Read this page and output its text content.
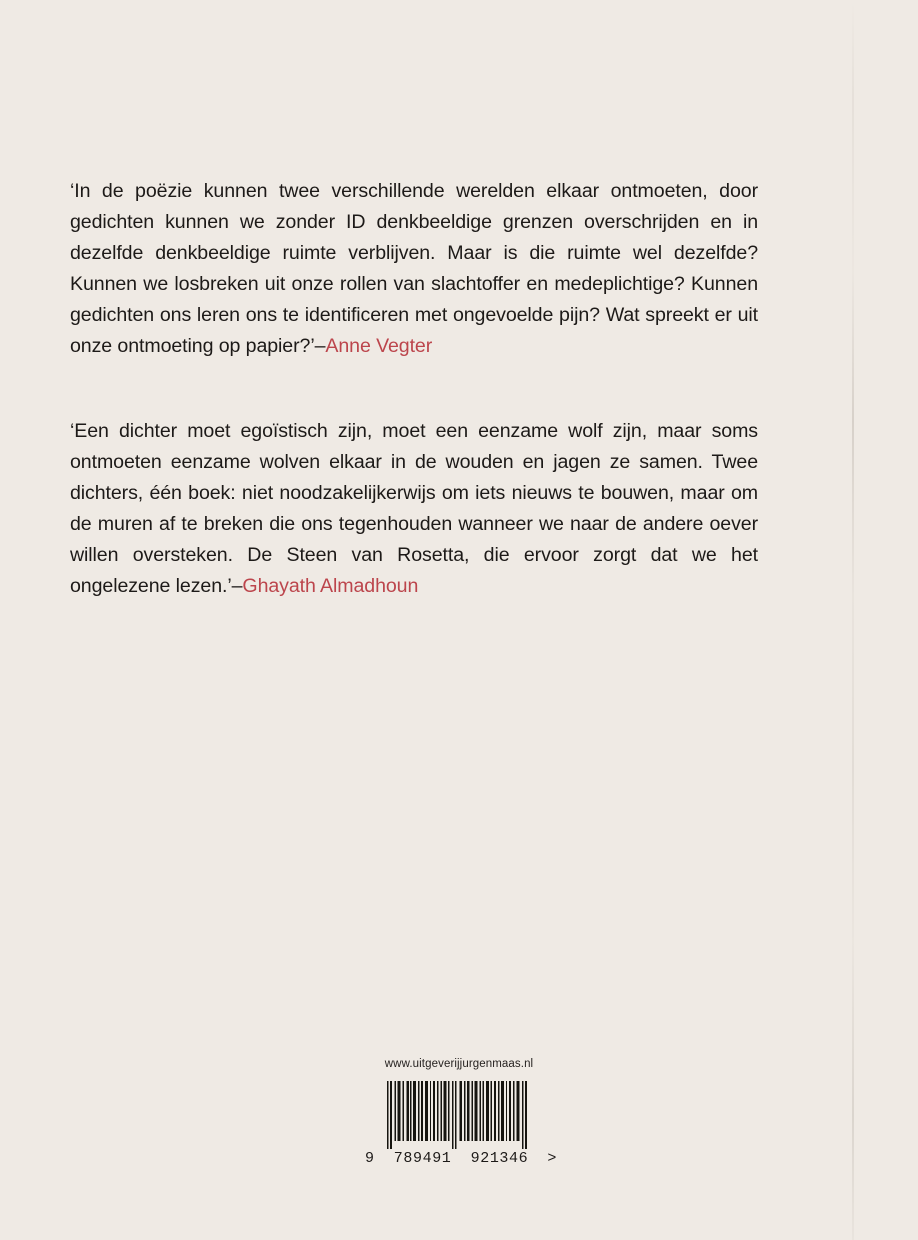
‘In de poëzie kunnen twee verschillende werelden elkaar ontmoeten, door gedichten kunnen we zonder ID denkbeeldige grenzen overschrijden en in dezelfde denkbeeldige ruimte verblijven. Maar is die ruimte wel dezelfde? Kunnen we losbreken uit onze rollen van slachtoffer en medeplichtige? Kunnen gedichten ons leren ons te identificeren met ongevoelde pijn? Wat spreekt er uit onze ontmoeting op papier?’–Anne Vegter

‘Een dichter moet egoïstisch zijn, moet een eenzame wolf zijn, maar soms ontmoeten eenzame wolven elkaar in de wouden en jagen ze samen. Twee dichters, één boek: niet noodzakelijkerwijs om iets nieuws te bouwen, maar om de muren af te breken die ons tegenhouden wanneer we naar de andere oever willen oversteken. De Steen van Rosetta, die ervoor zorgt dat we het ongelezene lezen.’–Ghayath Almadhoun

www.uitgeverijjurgenmaas.nl
9  789491  921346  >
